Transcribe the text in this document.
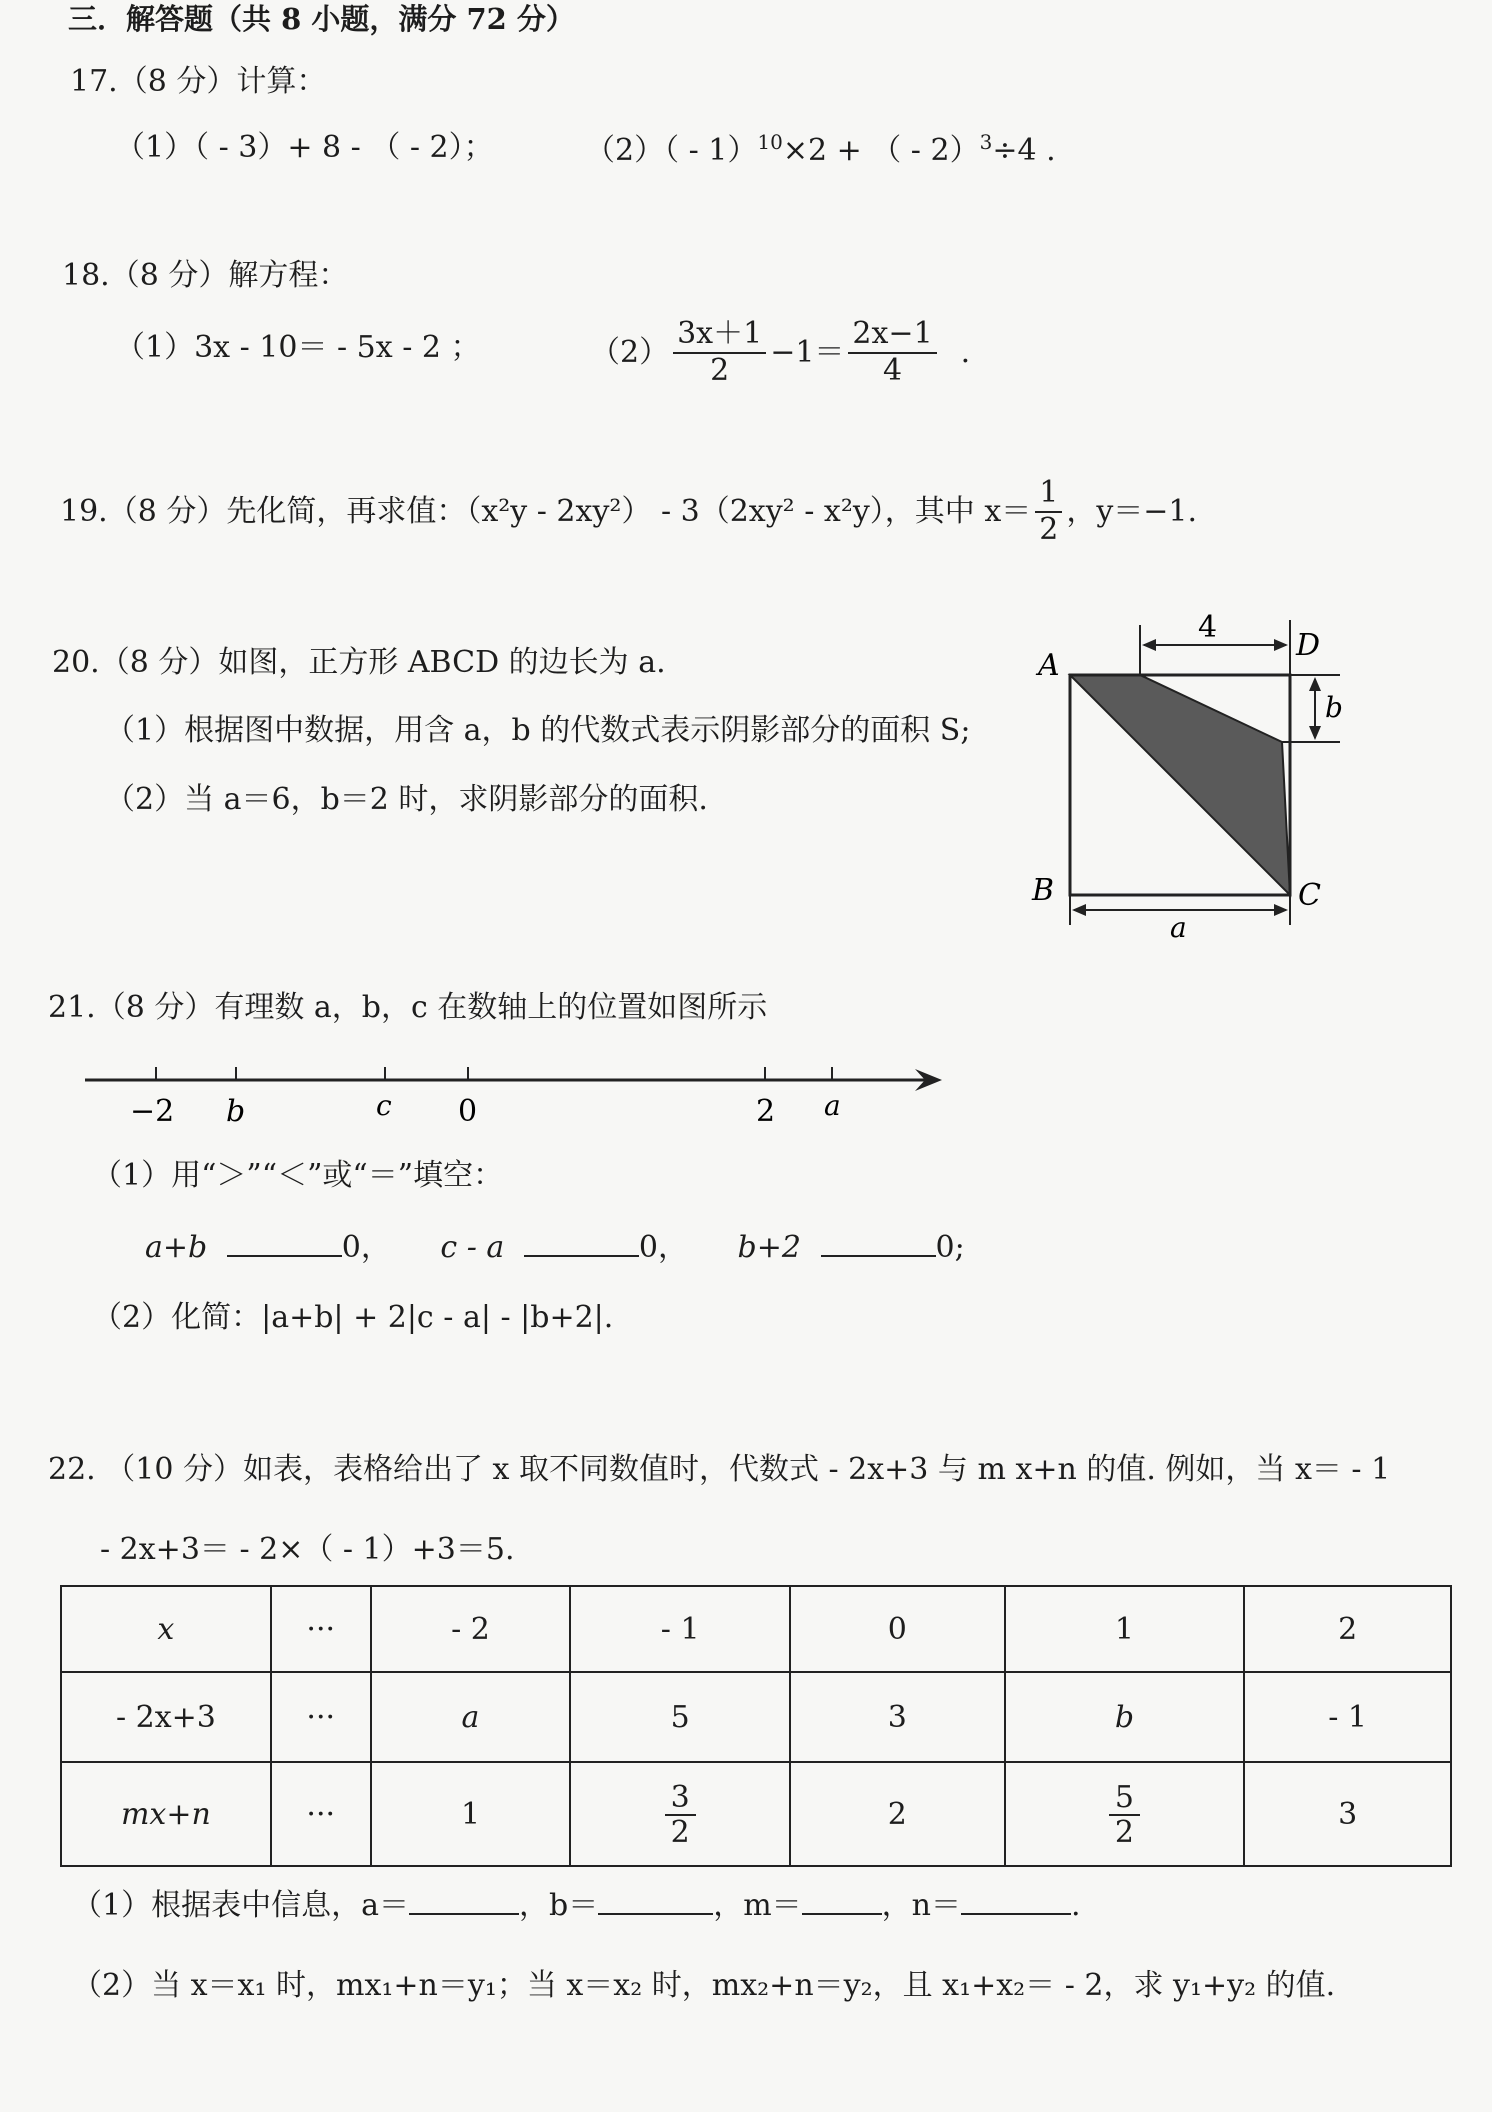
三．解答题（共 8 小题，满分 72 分）
17.（8 分）计算：
（1）（ - 3）+ 8 - （ - 2）；	（2）（ - 1）$^{10}$×2 + （ - 2）$^3$÷4 .
18.（8 分）解方程：
（1）3x - 10＝ - 5x - 2 ；	$(2) \frac{3x+1}{2} -1= \frac{2x-1}{4}$ .
19.（8 分）先化简，再求值：（x²y - 2xy²） - 3（2xy² - x²y），其中 $x= \frac{1}{2}$ ，y＝−1.
20.（8 分）如图，正方形 ABCD 的边长为 a.
（1）根据图中数据，用含 a，b 的代数式表示阴影部分的面积 S;
（2）当 a＝6，b＝2 时，求阴影部分的面积.
4
b
a
A
D
B	C
21.（8 分）有理数 a，b，c 在数轴上的位置如图所示
−2 b	c 0	2 a
（1）用“＞”“＜”或“＝”填空：
a+b	0， c - a	0， b+2	0;
（2）化简：|a+b| + 2|c - a| - |b+2|.
22. （10 分）如表，表格给出了 x 取不同数值时，代数式 - 2x+3 与 m x+n 的值. 例如，当 x＝ - 1
- 2x+3＝ - 2×（ - 1）+3＝5.
x	···	- 2	- 1	0	1	2
- 2x+3	···	a	5	3	b	- 1
mx+n	···	1	$\frac{3}{2}$	2	$\frac{5}{2}$	3
（1）根据表中信息，a＝	，b＝	，m＝	，n＝	.
（2）当 x＝x₁ 时，mx₁+n＝y₁；当 x＝x₂ 时，mx₂+n＝y₂，且 x₁+x₂＝ - 2，求 y₁+y₂ 的值.
